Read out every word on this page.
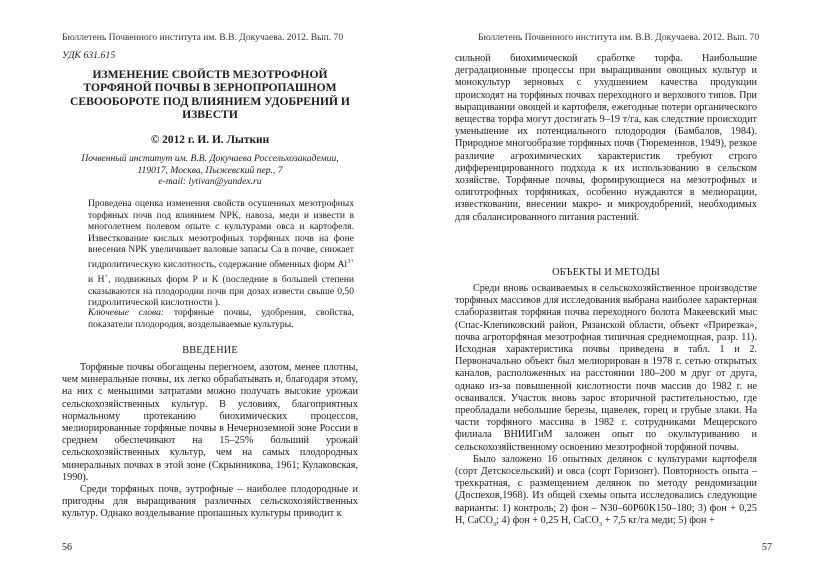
Бюллетень Почвенного института им. В.В. Докучаева. 2012. Вып. 70
УДК 631.615
ИЗМЕНЕНИЕ СВОЙСТВ МЕЗОТРОФНОЙ ТОРФЯНОЙ ПОЧВЫ В ЗЕРНОПРОПАШНОМ СЕВООБОРОТЕ ПОД ВЛИЯНИЕМ УДОБРЕНИЙ И ИЗВЕСТИ
© 2012 г. И. И. Лыткин
Почвенный институт им. В.В. Докучаева Россельхозакадемии,
119017, Москва, Пыжевский пер., 7
e-mail: lytivan@yandex.ru

Проведена оценка изменения свойств осушенных мезотрофных торфяных почв под влиянием NPK, навоза, меди и извести в многолетнем полевом опыте с культурами овса и картофеля. Известкование кислых мезотрофных торфяных почв на фоне внесения NPK увеличивает валовые запасы Са в почве, снижает гидролитическую кислотность, содержание обменных форм $Al^{3+}$ и H+, подвижных форм Р и К (последние в большей степени сказываются на плодородии почв при дозах извести свыше 0,50 гидролитической кислотности ).

Ключевые слова: торфяные почвы, удобрения, свойства, показатели плодородия, возделываемые культуры.

ВВЕДЕНИЕ

Торфяные почвы обогащены перегноем, азотом, менее плотны, чем минеральные почвы, их легко обрабатывать и, благодаря этому, на них с меньшими затратами можно получать высокие урожаи сельскохозяйственных культур. В условиях, благоприятных нормальному протеканию биохимических процессов, мелиорированные торфяные почвы в Нечерноземной зоне России в среднем обеспечивают на 15–25% больший урожай сельскохозяйственных культур, чем на самых плодородных минеральных почвах в этой зоне (Скрынникова, 1961; Кулаковская, 1990).

Среди торфяных почв, эутрофные – наиболее плодородные и пригодны для выращивания различных сельскохозяйственных культур. Однако возделывание пропашных культуры приводит к

56
Бюллетень Почвенного института им. В.В. Докучаева. 2012. Вып. 70

сильной биохимической сработке торфа. Наибольшие деградационные процессы при выращивании овощных культур и монокультур зерновых с ухудшением качества продукции происходят на торфяных почвах переходного и верхового типов. При выращивании овощей и картофеля, ежегодные потери органического вещества торфа могут достигать 9–19 т/га, как следствие происходит уменьшение их потенциального плодородия (Бамбалов, 1984). Природное многообразие торфяных почв (Тюременнов, 1949), резкое различие агрохимических характеристик требуют строго дифференцированного подхода к их использованию в сельском хозяйстве. Торфяные почвы, формирующиеся на мезотрофных и олиготрофных торфяниках, особенно нуждаются в мелиорации, известковании, внесении макро- и микроудобрений, необходимых для сбалансированного питания растений.

ОБЪЕКТЫ И МЕТОДЫ

Среди вновь осваиваемых в сельскохозяйственное производстве торфяных массивов для исследования выбрана наиболее характерная слаборазвитая торфяная почва переходного болота Макеевский мыс (Спас-Клепиковский район, Рязанской области, объект «Прирезка», почва агроторфяная мезотрофная типичная среднемощная, разр. 11). Исходная характеристика почвы приведена в табл. 1 и 2. Первоначально объект был мелиорирован в 1978 г. сетью открытых каналов, расположенных на расстоянии 180–200 м друг от друга, однако из-за повышенной кислотности почв массив до 1982 г. не осваивался. Участок вновь зарос вторичной растительностью, где преобладали небольшие березы, щавелек, горец и грубые злаки. На части торфяного массива в 1982 г. сотрудниками Мещерского филиала ВНИИГиМ заложен опыт по окультуриванию и сельскохозяйственному освоению мезотрофной торфяной почвы.

Было заложено 16 опытных делянок с культурами картофеля (сорт Детскосельский) и овса (сорт Горизонт). Повторность опыта – трехкратная, с размещением делянок по методу рендомизации (Доспехов,1968). Из общей схемы опыта исследовались следующие варианты: 1) контроль; 2) фон – N30–60P60K150–180; 3) фон + 0,25 Н, CaCO$_3$; 4) фон + 0,25 Н, CaCO$_3$ + 7,5 кг/га меди; 5) фон +

57
